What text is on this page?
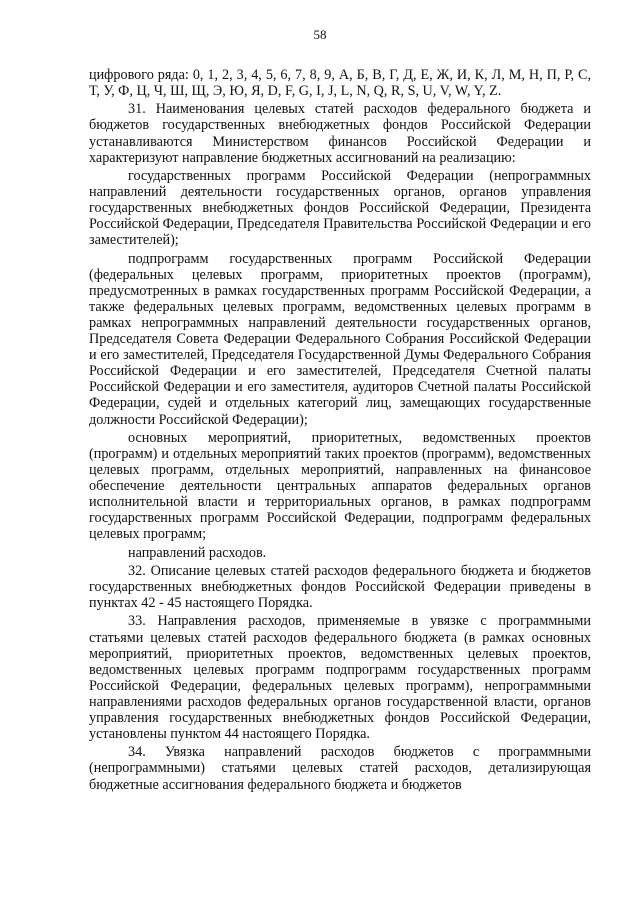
58

цифрового ряда: 0, 1, 2, 3, 4, 5, 6, 7, 8, 9, А, Б, В, Г, Д, Е, Ж, И, К, Л, М, Н, П, Р, С, Т, У, Ф, Ц, Ч, Ш, Щ, Э, Ю, Я, D, F, G, I, J, L, N, Q, R, S, U, V, W, Y, Z.

31. Наименования целевых статей расходов федерального бюджета и бюджетов государственных внебюджетных фондов Российской Федерации устанавливаются Министерством финансов Российской Федерации и характеризуют направление бюджетных ассигнований на реализацию:

государственных программ Российской Федерации (непрограммных направлений деятельности государственных органов, органов управления государственных внебюджетных фондов Российской Федерации, Президента Российской Федерации, Председателя Правительства Российской Федерации и его заместителей);

подпрограмм государственных программ Российской Федерации (федеральных целевых программ, приоритетных проектов (программ), предусмотренных в рамках государственных программ Российской Федерации, а также федеральных целевых программ, ведомственных целевых программ в рамках непрограммных направлений деятельности государственных органов, Председателя Совета Федерации Федерального Собрания Российской Федерации и его заместителей, Председателя Государственной Думы Федерального Собрания Российской Федерации и его заместителей, Председателя Счетной палаты Российской Федерации и его заместителя, аудиторов Счетной палаты Российской Федерации, судей и отдельных категорий лиц, замещающих государственные должности Российской Федерации);

основных мероприятий, приоритетных, ведомственных проектов (программ) и отдельных мероприятий таких проектов (программ), ведомственных целевых программ, отдельных мероприятий, направленных на финансовое обеспечение деятельности центральных аппаратов федеральных органов исполнительной власти и территориальных органов, в рамках подпрограмм государственных программ Российской Федерации, подпрограмм федеральных целевых программ;

направлений расходов.

32. Описание целевых статей расходов федерального бюджета и бюджетов государственных внебюджетных фондов Российской Федерации приведены в пунктах 42 - 45 настоящего Порядка.

33. Направления расходов, применяемые в увязке с программными статьями целевых статей расходов федерального бюджета (в рамках основных мероприятий, приоритетных проектов, ведомственных целевых проектов, ведомственных целевых программ подпрограмм государственных программ Российской Федерации, федеральных целевых программ), непрограммными направлениями расходов федеральных органов государственной власти, органов управления государственных внебюджетных фондов Российской Федерации, установлены пунктом 44 настоящего Порядка.

34. Увязка направлений расходов бюджетов с программными (непрограммными) статьями целевых статей расходов, детализирующая бюджетные ассигнования федерального бюджета и бюджетов
